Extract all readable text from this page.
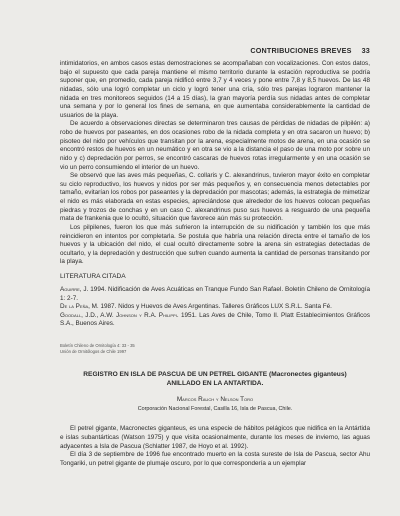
CONTRIBUCIONES BREVES 33

intimidatorios, en ambos casos estas demostraciones se acompañaban con vocalizaciones. Con estos datos, bajo el supuesto que cada pareja mantiene el mismo territorio durante la estación reproductiva se podría suponer que, en promedio, cada pareja nidificó entre 3,7 y 4 veces y pone entre 7,8 y 8,5 huevos. De las 48 nidadas, sólo una logró completar un ciclo y logró tener una cría, sólo tres parejas lograron mantener la nidada en tres monitoreos seguidos (14 a 15 días), la gran mayoría perdía sus nidadas antes de completar una semana y por lo general los fines de semana, en que aumentaba considerablemente la cantidad de usuarios de la playa.

De acuerdo a observaciones directas se determinaron tres causas de pérdidas de nidadas de pilpilén: a) robo de huevos por paseantes, en dos ocasiones robo de la nidada completa y en otra sacaron un huevo; b) pisoteo del nido por vehículos que transitan por la arena, especialmente motos de arena, en una ocasión se encontró restos de huevos en un neumático y en otra se vio a la distancia el paso de una moto por sobre un nido y c) depredación por perros, se encontró cascaras de huevos rotas irregularmente y en una ocasión se vio un perro consumiendo el interior de un huevo.

Se observó que las aves más pequeñas, C. collaris y C. alexandrinus, tuvieron mayor éxito en completar su ciclo reproductivo, los huevos y nidos por ser más pequeños y, en consecuencia menos detectables por tamaño, evitarían los robos por paseantes y la depredación por mascotas; además, la estrategia de mimetizar el nido es más elaborada en estas especies, apreciándose que alrededor de los huevos colocan pequeñas piedras y trozos de conchas y en un caso C. alexandrinus puso sus huevos a resguardo de una pequeña mata de frankenia que lo ocultó, situación que favorece aún más su protección.

Los pilpilenes, fueron los que más sufrieron la interrupción de su nidificación y también los que más reincidieron en intentos por completarla. Se postula que habría una relación directa entre el tamaño de los huevos y la ubicación del nido, el cual ocultó directamente sobre la arena sin estrategias detectadas de ocultarlo, y la depredación y destrucción que sufren cuando aumenta la cantidad de personas transitando por la playa.

LITERATURA CITADA

Aguirre, J. 1994. Nidificación de Aves Acuáticas en Tranque Fundo San Rafael. Boletín Chileno de Ornitología 1: 2-7.

De la Peña, M. 1987. Nidos y Huevos de Aves Argentinas. Talleres Gráficos LUX S.R.L. Santa Fé.

Goodall, J.D., A.W. Johnson y R.A. Philippi. 1951. Las Aves de Chile, Tomo II. Platt Establecimientos Gráficos S.A., Buenos Aires.

Boletín Chileno de Ornitología 4: 33 - 35
Unión de Ornitólogos de Chile 1997
REGISTRO EN ISLA DE PASCUA DE UN PETREL GIGANTE (Macronectes giganteus)
ANILLADO EN LA ANTARTIDA.
Marcos Rauch y Nelson Toro
Corporación Nacional Forestal, Casilla 16, Isla de Pascua, Chile.

El petrel gigante, Macronectes giganteus, es una especie de hábitos pelágicos que nidifica en la Antártida e islas subantárticas (Watson 1975) y que visita ocasionalmente, durante los meses de invierno, las aguas adyacentes a Isla de Pascua (Schlatter 1987, de Hoyo et al. 1992).

El día 3 de septiembre de 1996 fue encontrado muerto en la costa sureste de Isla de Pascua, sector Ahu Tongariki, un petrel gigante de plumaje oscuro, por lo que correspondería a un ejemplar
